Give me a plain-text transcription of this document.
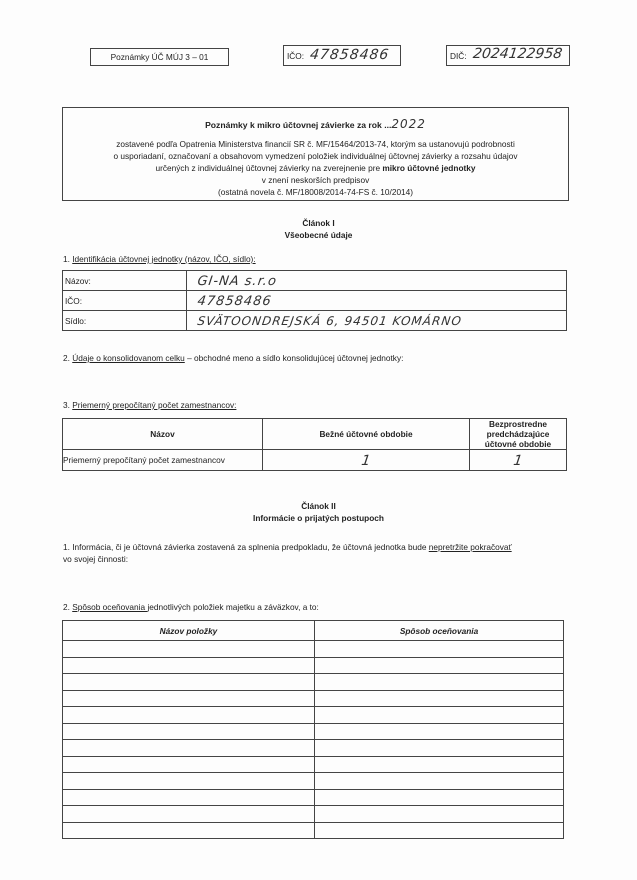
Poznámky ÚČ MÚJ 3 – 01	IČO: 47858486	DIČ: 2024122958
Poznámky k mikro účtovnej závierke za rok ...2022
zostavené podľa Opatrenia Ministerstva financií SR č. MF/15464/2013-74, ktorým sa ustanovujú podrobnosti
o usporiadaní, označovaní a obsahovom vymedzení položiek individuálnej účtovnej závierky a rozsahu údajov
určených z individuálnej účtovnej závierky na zverejnenie pre mikro účtovné jednotky
v znení neskorších predpisov
(ostatná novela č. MF/18008/2014-74-FS č. 10/2014)
Článok I
Všeobecné údaje
1. Identifikácia účtovnej jednotky (názov, IČO, sídlo):
Názov:	GI-NA s.r.o
IČO:	47858486
Sídlo:	SVÄTOONDREJSKÁ 6, 94501 KOMÁRNO
2. Údaje o konsolidovanom celku – obchodné meno a sídlo konsolidujúcej účtovnej jednotky:
3. Priemerný prepočítaný počet zamestnancov:
Názov	Bežné účtovné obdobie	Bezprostredne predchádzajúce účtovné obdobie
Priemerný prepočítaný počet zamestnancov	1	1
Článok II
Informácie o prijatých postupoch
1. Informácia, či je účtovná závierka zostavená za splnenia predpokladu, že účtovná jednotka bude nepretržite pokračovať
vo svojej činnosti:
2. Spôsob oceňovania jednotlivých položiek majetku a záväzkov, a to:
Názov položky	Spôsob oceňovania
